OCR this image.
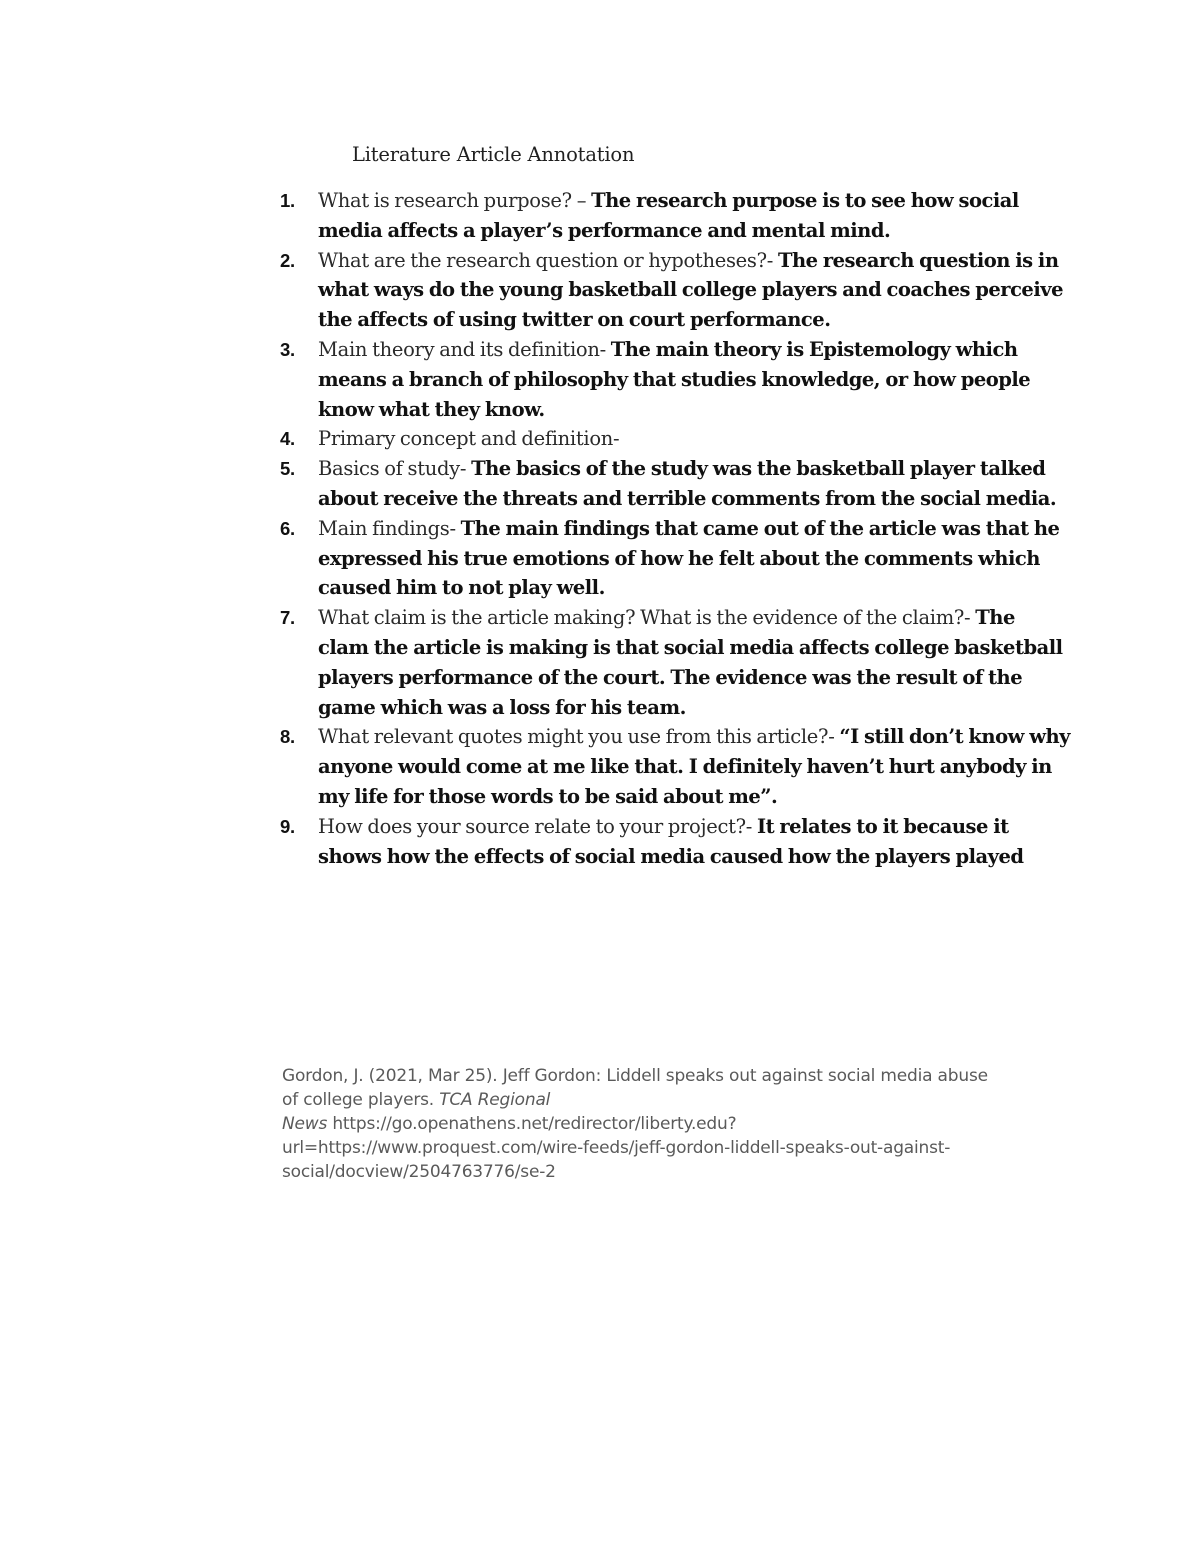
Literature Article Annotation
1.	What is research purpose? – The research purpose is to see how social media affects a player’s performance and mental mind.
2.	What are the research question or hypotheses?- The research question is in what ways do the young basketball college players and coaches perceive the affects of using twitter on court performance.
3.	Main theory and its definition- The main theory is Epistemology which means a branch of philosophy that studies knowledge, or how people know what they know.
4.	Primary concept and definition-
5.	Basics of study- The basics of the study was the basketball player talked about receive the threats and terrible comments from the social media.
6.	Main findings- The main findings that came out of the article was that he expressed his true emotions of how he felt about the comments which caused him to not play well.
7.	What claim is the article making? What is the evidence of the claim?- The clam the article is making is that social media affects college basketball players performance of the court. The evidence was the result of the game which was a loss for his team.
8.	What relevant quotes might you use from this article?- “I still don’t know why anyone would come at me like that. I definitely haven’t hurt anybody in my life for those words to be said about me”.
9.	How does your source relate to your project?- It relates to it because it shows how the effects of social media caused how the players played
Gordon, J. (2021, Mar 25). Jeff Gordon: Liddell speaks out against social media abuse
of college players. TCA Regional
News https://go.openathens.net/redirector/liberty.edu?
url=https://www.proquest.com/wire-feeds/jeff-gordon-liddell-speaks-out-against-
social/docview/2504763776/se-2
